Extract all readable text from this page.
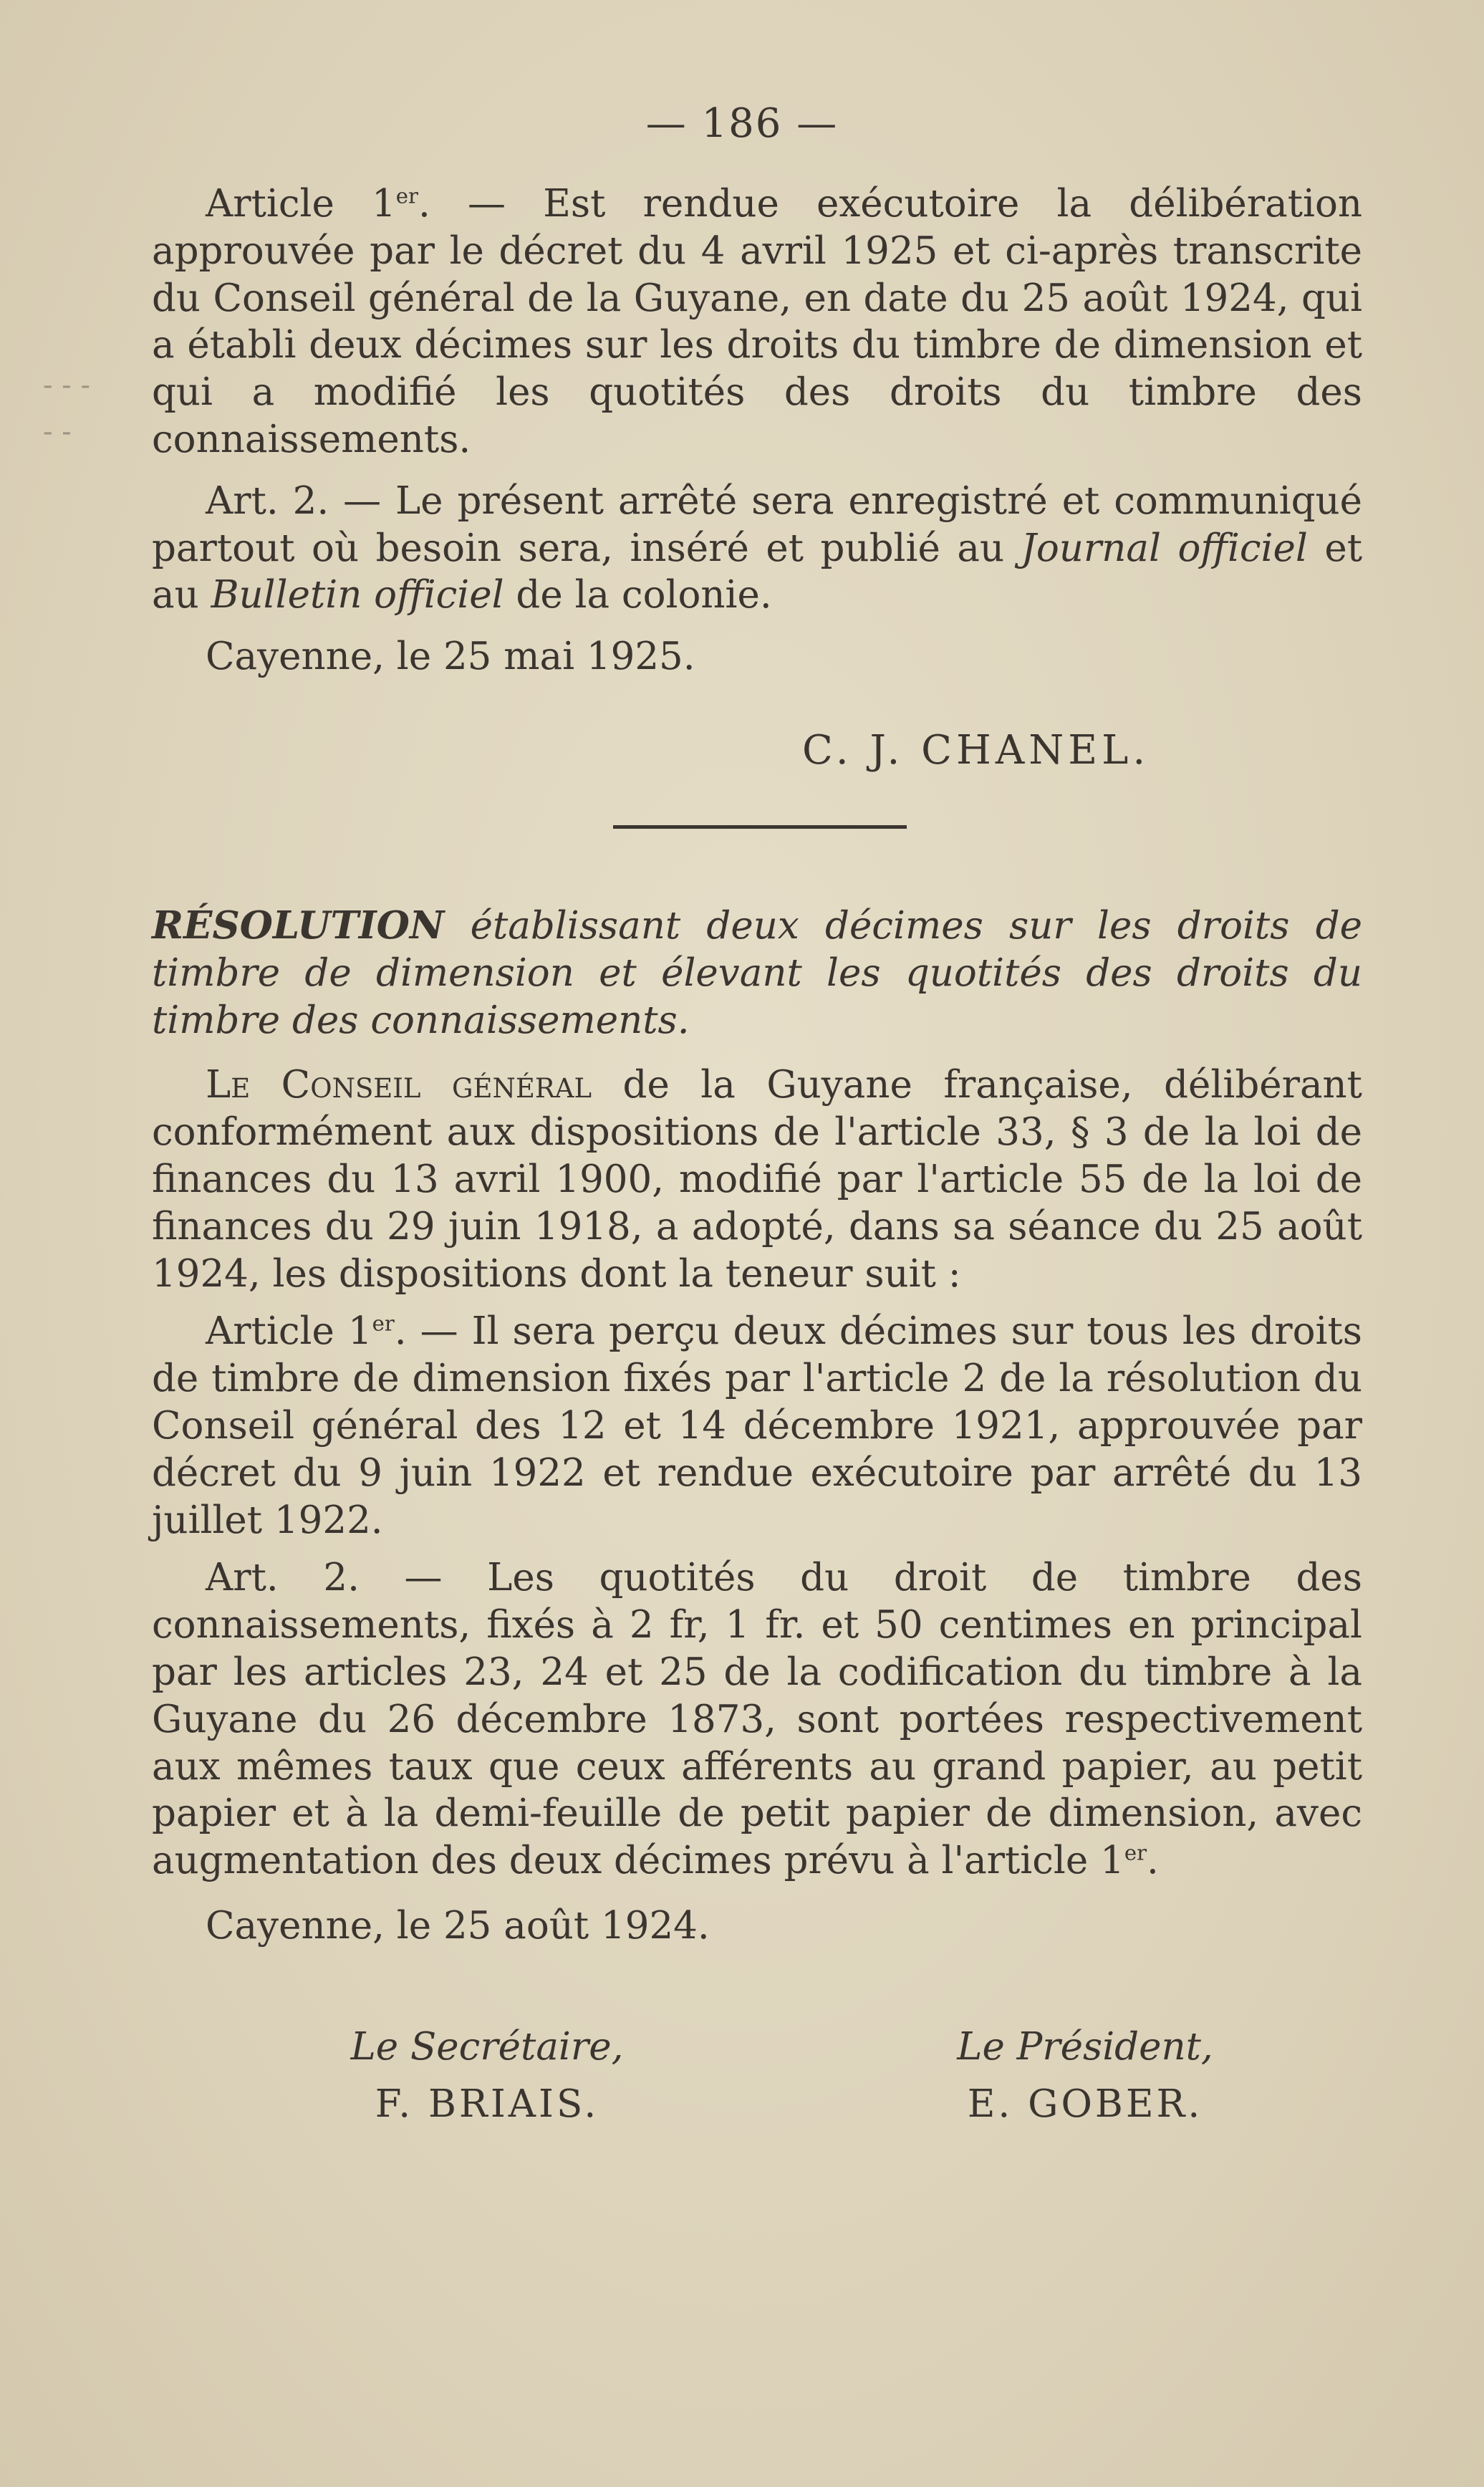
— 186 —
- - -
- -

Article 1er. — Est rendue exécutoire la délibération approuvée par le décret du 4 avril 1925 et ci-après transcrite du Conseil général de la Guyane, en date du 25 août 1924, qui a établi deux décimes sur les droits du timbre de dimension et qui a modifié les quotités des droits du timbre des connaissements.

Art. 2. — Le présent arrêté sera enregistré et communiqué partout où besoin sera, inséré et publié au Journal officiel et au Bulletin officiel de la colonie.

Cayenne, le 25 mai 1925.

C. J. CHANEL.

RÉSOLUTION établissant deux décimes sur les droits de timbre de dimension et élevant les quotités des droits du timbre des connaissements.

Le Conseil général de la Guyane française, délibérant conformément aux dispositions de l'article 33, § 3 de la loi de finances du 13 avril 1900, modifié par l'article 55 de la loi de finances du 29 juin 1918, a adopté, dans sa séance du 25 août 1924, les dispositions dont la teneur suit :

Article 1er. — Il sera perçu deux décimes sur tous les droits de timbre de dimension fixés par l'article 2 de la résolution du Conseil général des 12 et 14 décembre 1921, approuvée par décret du 9 juin 1922 et rendue exécutoire par arrêté du 13 juillet 1922.

Art. 2. — Les quotités du droit de timbre des connaissements, fixés à 2 fr, 1 fr. et 50 centimes en principal par les articles 23, 24 et 25 de la codification du timbre à la Guyane du 26 décembre 1873, sont portées respectivement aux mêmes taux que ceux afférents au grand papier, au petit papier et à la demi-feuille de petit papier de dimension, avec augmentation des deux décimes prévu à l'article 1er.

Cayenne, le 25 août 1924.

Le Secrétaire,
F. BRIAIS.
Le Président,
E. GOBER.
